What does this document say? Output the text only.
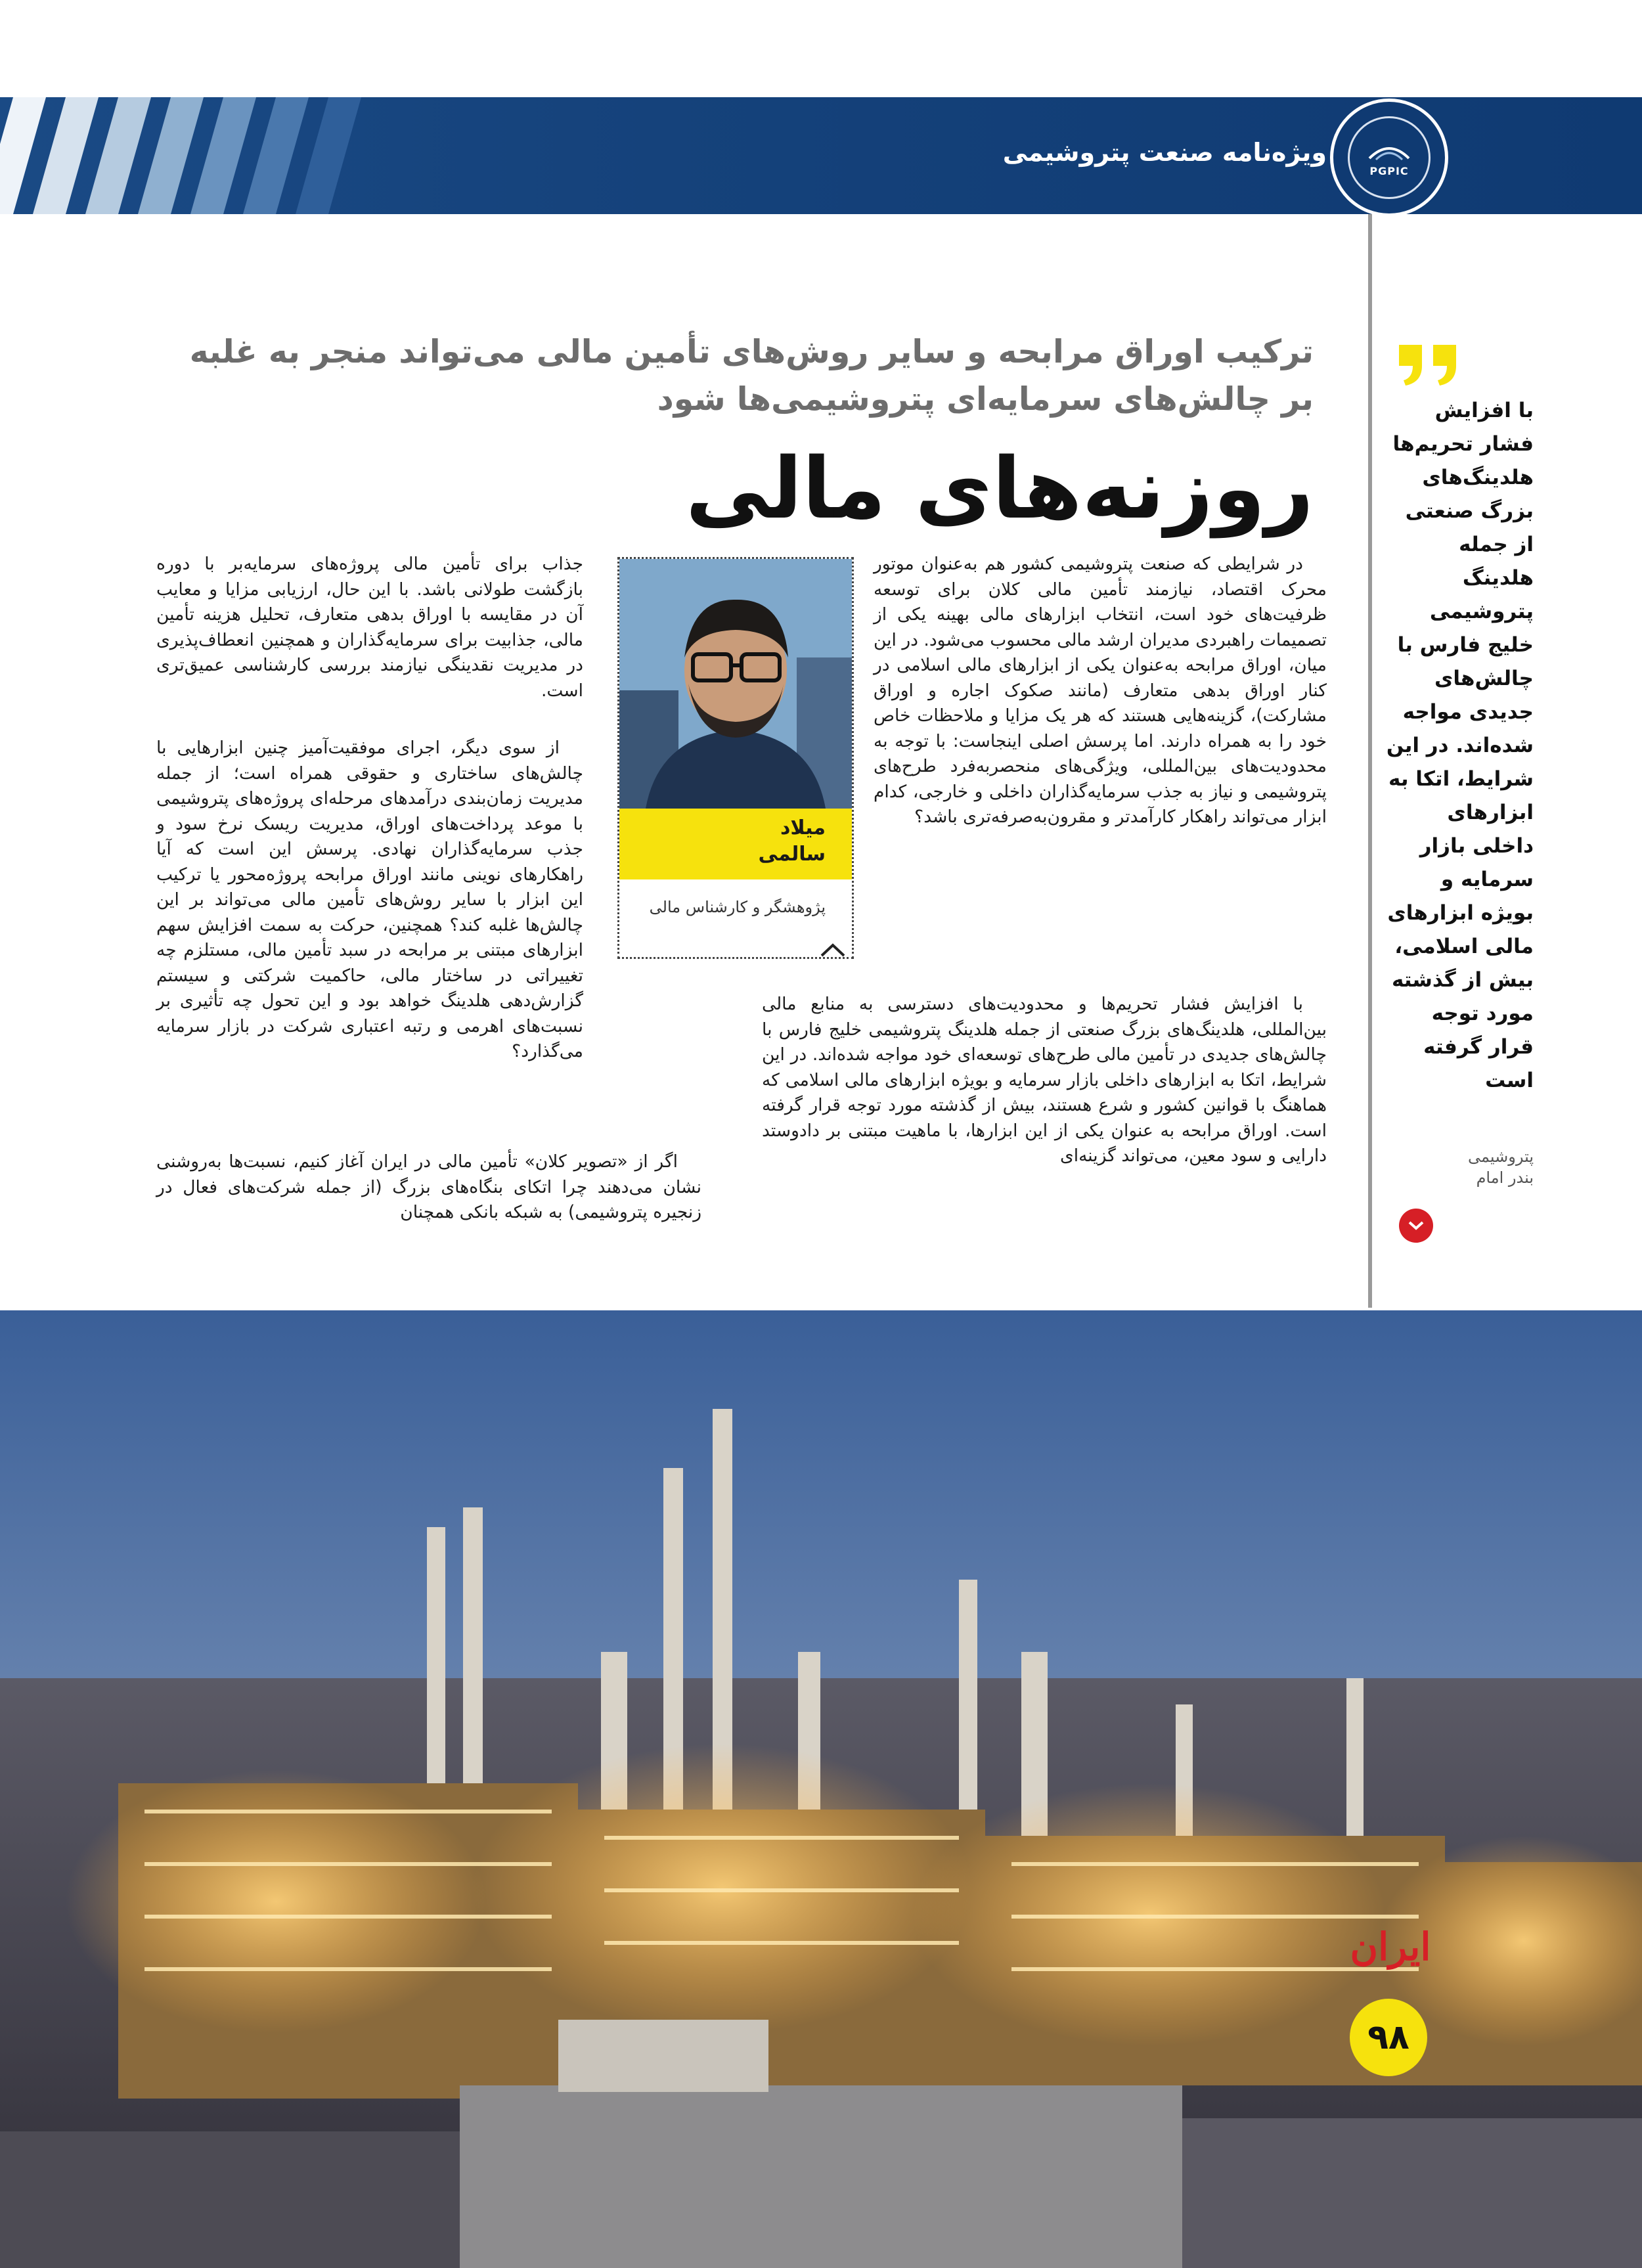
ویژه‌نامه صنعت پتروشیمی
PGPIC
با افزایش فشار تحریم‌ها هلدینگ‌های بزرگ صنعتی از جمله هلدینگ پتروشیمی خلیج فارس با چالش‌های جدیدی مواجه شده‌اند. در این شرایط، اتکا به ابزارهای داخلی بازار سرمایه و بویژه ابزارهای مالی اسلامی، بیش از گذشته مورد توجه قرار گرفته است
پتروشیمی
بندر امام
ترکیب اوراق مرابحه و سایر روش‌های تأمین مالی می‌تواند منجر به غلبه بر چالش‌های سرمایه‌ای پتروشیمی‌ها شود
روزنه‌های مالی

در شرایطی که صنعت پتروشیمی کشور هم به‌عنوان موتور محرک اقتصاد، نیازمند تأمین مالی کلان برای توسعه ظرفیت‌های خود است، انتخاب ابزارهای مالی بهینه یکی از تصمیمات راهبردی مدیران ارشد مالی محسوب می‌شود. در این میان، اوراق مرابحه به‌عنوان یکی از ابزارهای مالی اسلامی در کنار اوراق بدهی متعارف (مانند صکوک اجاره و اوراق مشارکت)، گزینه‌هایی هستند که هر یک مزایا و ملاحظات خاص خود را به همراه دارند. اما پرسش اصلی اینجاست: با توجه به محدودیت‌های بین‌المللی، ویژگی‌های منحصربه‌فرد طرح‌های پتروشیمی و نیاز به جذب سرمایه‌گذاران داخلی و خارجی، کدام ابزار می‌تواند راهکار کارآمدتر و مقرون‌به‌صرفه‌تری باشد؟

با افزایش فشار تحریم‌ها و محدودیت‌های دسترسی به منابع مالی بین‌المللی، هلدینگ‌های بزرگ صنعتی از جمله هلدینگ پتروشیمی خلیج فارس با چالش‌های جدیدی در تأمین مالی طرح‌های توسعه‌ای خود مواجه شده‌اند. در این شرایط، اتکا به ابزارهای داخلی بازار سرمایه و بویژه ابزارهای مالی اسلامی که هماهنگ با قوانین کشور و شرع هستند، بیش از گذشته مورد توجه قرار گرفته است. اوراق مرابحه به عنوان یکی از این ابزارها، با ماهیت مبتنی بر دادوستد دارایی و سود معین، می‌تواند گزینه‌ای

جذاب برای تأمین مالی پروژه‌های سرمایه‌بر با دوره بازگشت طولانی باشد. با این حال، ارزیابی مزایا و معایب آن در مقایسه با اوراق بدهی متعارف، تحلیل هزینه تأمین مالی، جذابیت برای سرمایه‌گذاران و همچنین انعطاف‌پذیری در مدیریت نقدینگی نیازمند بررسی کارشناسی عمیق‌تری است.

از سوی دیگر، اجرای موفقیت‌آمیز چنین ابزارهایی با چالش‌های ساختاری و حقوقی همراه است؛ از جمله مدیریت زمان‌بندی درآمدهای مرحله‌ای پروژه‌های پتروشیمی با موعد پرداخت‌های اوراق، مدیریت ریسک نرخ سود و جذب سرمایه‌گذاران نهادی. پرسش این است که آیا راهکارهای نوینی مانند اوراق مرابحه پروژه‌محور یا ترکیب این ابزار با سایر روش‌های تأمین مالی می‌تواند بر این چالش‌ها غلبه کند؟ همچنین، حرکت به سمت افزایش سهم ابزارهای مبتنی بر مرابحه در سبد تأمین مالی، مستلزم چه تغییراتی در ساختار مالی، حاکمیت شرکتی و سیستم گزارش‌دهی هلدینگ خواهد بود و این تحول چه تأثیری بر نسبت‌های اهرمی و رتبه اعتباری شرکت در بازار سرمایه می‌گذارد؟

اگر از «تصویر کلان» تأمین مالی در ایران آغاز کنیم، نسبت‌ها به‌روشنی نشان می‌دهند چرا اتکای بنگاه‌های بزرگ (از جمله شرکت‌های فعال در زنجیره پتروشیمی) به شبکه بانکی همچنان

میلاد
سالمی
پژوهشگر و کارشناس مالی
ایران
۹۸
